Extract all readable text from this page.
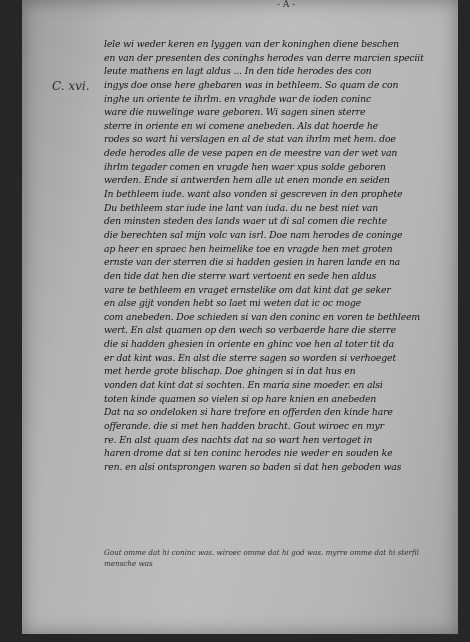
- A -
C. xvi.
lele wi weder keren en lyggen van der koninghen diene beschen
en van der presenten des coninghs herodes van derre marcien speciit
leute mathens en lagt aldus ... In den tide herodes des con
ingys doe onse here ghebaren was in bethleem. So quam de con
inghe un oriente te ihrlm. en vraghde war de ioden coninc
ware die nuwelinge ware geboren. Wi sagen sinen sterre
sterre in oriente en wi comene anebeden. Als dat hoerde he
rodes so wart hi verslagen en al de stat van ihrlm met hem. doe
dede herodes alle de vese papen en de meestre van der wet van
ihrlm tegader comen en vragde hen waer xpus solde geboren
werden. Ende si antwerden hem alle ut enen monde en seiden
In bethleem iude. want also vonden si gescreven in den prophete
Du bethleem star iude ine lant van iuda. du ne best niet van
den minsten steden des lands waer ut di sal comen die rechte
die berechten sal mijn volc van isrl. Doe nam herodes de coninge
ap heer en spraec hen heimelike toe en vragde hen met groten
ernste van der sterren die si hadden gesien in haren lande en na
den tide dat hen die sterre wart vertoent en sede hen aldus
vare te bethleem en vraget ernstelike om dat kint dat ge seker
en alse gijt vonden hebt so laet mi weten dat ic oc moge
com anebeden. Doe schieden si van den coninc en voren te bethleem
wert. En alst quamen op den wech so verbaerde hare die sterre
die si hadden ghesien in oriente en ghinc voe hen al toter tit da
er dat kint was. En alst die sterre sagen so worden si verhoeget
met herde grote blischap. Doe ghingen si in dat hus en
vonden dat kint dat si sochten. En maria sine moeder. en alsi
toten kinde quamen so vielen si op hare knien en anebeden
Dat na so ondeloken si hare trefore en offerden den kinde hare
offerande. die si met hen hadden bracht. Gout wiroec en myr
re. En alst quam des nachts dat na so wart hen vertoget in
haren drome dat si ten coninc herodes nie weder en souden ke
ren. en alsi ontsprongen waren so baden si dat hen geboden was
Gout omme dat hi coninc was. wiroec omme dat hi god was. myrre omme dat hi sterfli
mensche was
